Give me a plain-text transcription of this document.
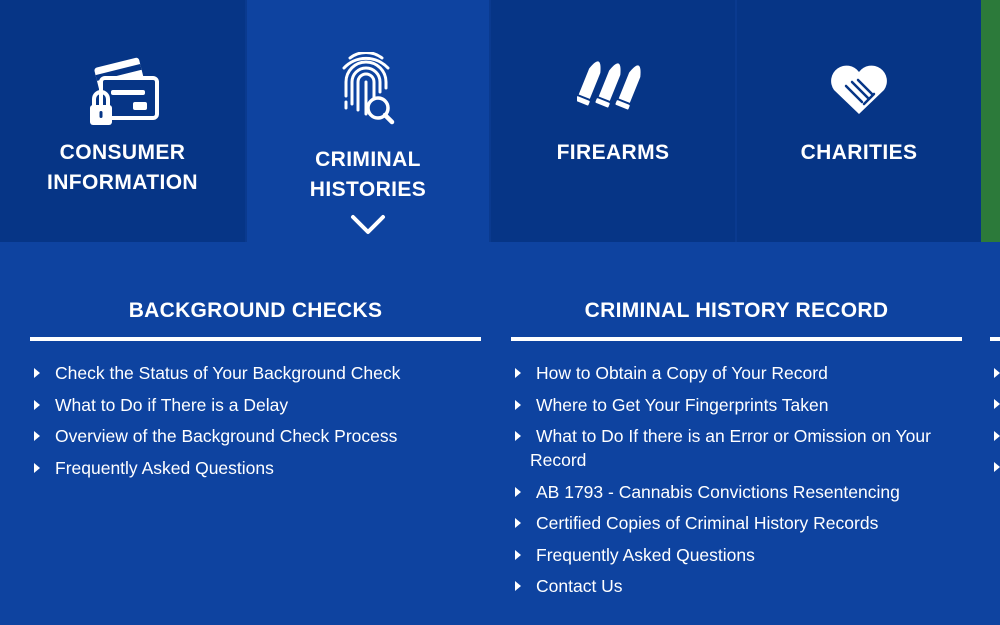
CONSUMER
INFORMATION
CRIMINAL
HISTORIES
FIREARMS	CHARITIES
BACKGROUND CHECKS
Check the Status of Your Background Check
What to Do if There is a Delay
Overview of the Background Check Process
Frequently Asked Questions
CRIMINAL HISTORY RECORD
How to Obtain a Copy of Your Record
Where to Get Your Fingerprints Taken
What to Do If there is an Error or Omission on Your
Record
AB 1793 - Cannabis Convictions Resentencing
Certified Copies of Criminal History Records
Frequently Asked Questions
Contact Us
